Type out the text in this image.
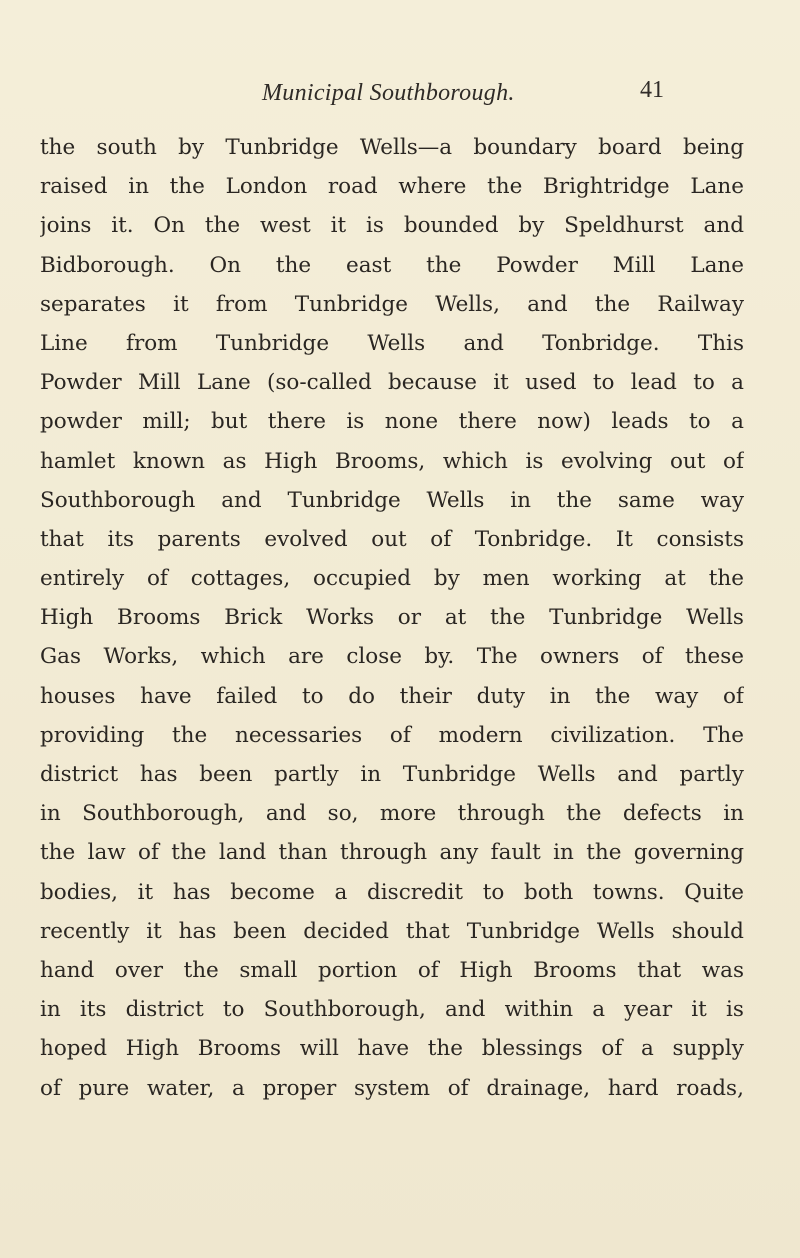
Municipal Southborough.	41
the south by Tunbridge Wells—a boundary board being
raised in the London road where the Brightridge Lane
joins it. On the west it is bounded by Speldhurst and
Bidborough. On the east the Powder Mill Lane
separates it from Tunbridge Wells, and the Railway
Line from Tunbridge Wells and Tonbridge. This
Powder Mill Lane (so-called because it used to lead to a
powder mill; but there is none there now) leads to a
hamlet known as High Brooms, which is evolving out of
Southborough and Tunbridge Wells in the same way
that its parents evolved out of Tonbridge. It consists
entirely of cottages, occupied by men working at the
High Brooms Brick Works or at the Tunbridge Wells
Gas Works, which are close by. The owners of these
houses have failed to do their duty in the way of
providing the necessaries of modern civilization. The
district has been partly in Tunbridge Wells and partly
in Southborough, and so, more through the defects in
the law of the land than through any fault in the governing
bodies, it has become a discredit to both towns. Quite
recently it has been decided that Tunbridge Wells should
hand over the small portion of High Brooms that was
in its district to Southborough, and within a year it is
hoped High Brooms will have the blessings of a supply
of pure water, a proper system of drainage, hard roads,
